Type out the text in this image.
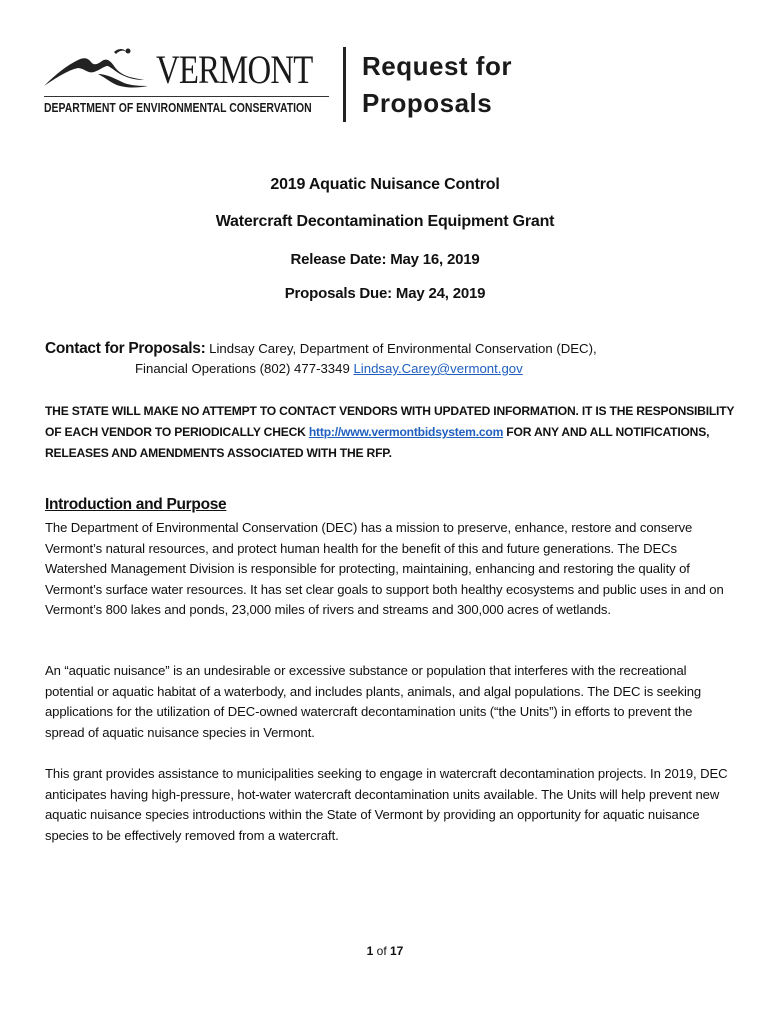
VERMONT
DEPARTMENT OF ENVIRONMENTAL CONSERVATION
Request for
Proposals
2019 Aquatic Nuisance Control
Watercraft Decontamination Equipment Grant
Release Date: May 16, 2019
Proposals Due: May 24, 2019
Contact for Proposals: Lindsay Carey, Department of Environmental Conservation (DEC),
Financial Operations (802) 477-3349 Lindsay.Carey@vermont.gov
THE STATE WILL MAKE NO ATTEMPT TO CONTACT VENDORS WITH UPDATED INFORMATION. IT IS THE RESPONSIBILITY OF EACH VENDOR TO PERIODICALLY CHECK http://www.vermontbidsystem.com FOR ANY AND ALL NOTIFICATIONS, RELEASES AND AMENDMENTS ASSOCIATED WITH THE RFP.
Introduction and Purpose
The Department of Environmental Conservation (DEC) has a mission to preserve, enhance, restore and conserve Vermont’s natural resources, and protect human health for the benefit of this and future generations. The DECs Watershed Management Division is responsible for protecting, maintaining, enhancing and restoring the quality of Vermont’s surface water resources. It has set clear goals to support both healthy ecosystems and public uses in and on Vermont’s 800 lakes and ponds, 23,000 miles of rivers and streams and 300,000 acres of wetlands.
An “aquatic nuisance” is an undesirable or excessive substance or population that interferes with the recreational potential or aquatic habitat of a waterbody, and includes plants, animals, and algal populations. The DEC is seeking applications for the utilization of DEC-owned watercraft decontamination units (“the Units”) in efforts to prevent the spread of aquatic nuisance species in Vermont.
This grant provides assistance to municipalities seeking to engage in watercraft decontamination projects. In 2019, DEC anticipates having high-pressure, hot-water watercraft decontamination units available. The Units will help prevent new aquatic nuisance species introductions within the State of Vermont by providing an opportunity for aquatic nuisance species to be effectively removed from a watercraft.
1 of 17
